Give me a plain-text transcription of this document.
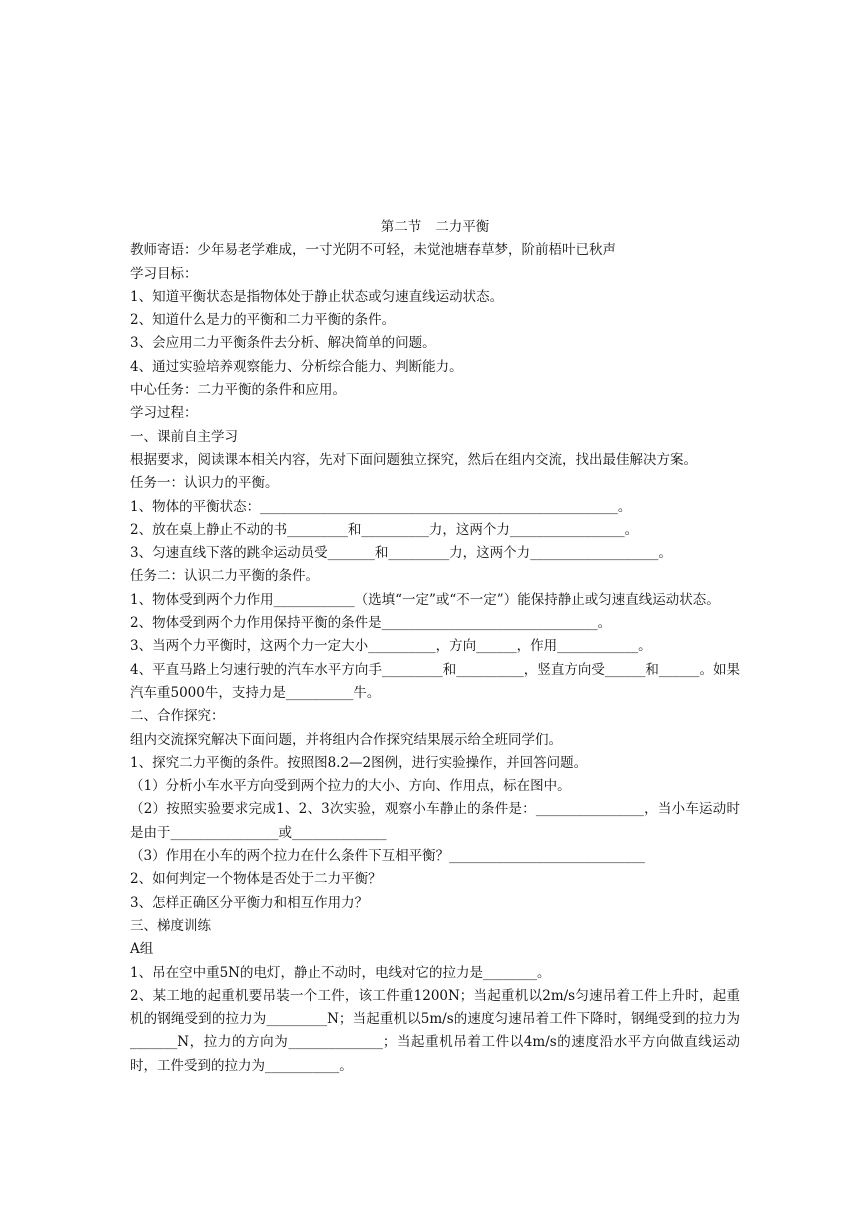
第二节 二力平衡

教师寄语：少年易老学难成，一寸光阴不可轻，未觉池塘春草梦，阶前梧叶已秋声

学习目标：

1、知道平衡状态是指物体处于静止状态或匀速直线运动状态。

2、知道什么是力的平衡和二力平衡的条件。

3、会应用二力平衡条件去分析、解决简单的问题。

4、通过实验培养观察能力、分析综合能力、判断能力。

中心任务：二力平衡的条件和应用。

学习过程：

一、课前自主学习

根据要求，阅读课本相关内容，先对下面问题独立探究，然后在组内交流，找出最佳解决方案。

任务一：认识力的平衡。

1、物体的平衡状态：_____________________________________________________。

2、放在桌上静止不动的书_________和__________力，这两个力_________________。

3、匀速直线下落的跳伞运动员受_______和_________力，这两个力___________________。

任务二：认识二力平衡的条件。

1、物体受到两个力作用____________（选填“一定”或“不一定”）能保持静止或匀速直线运动状态。

2、物体受到两个力作用保持平衡的条件是________________________________。

3、当两个力平衡时，这两个力一定大小__________，方向______，作用____________。

4、平直马路上匀速行驶的汽车水平方向手_________和__________，竖直方向受______和______。如果汽车重5000牛，支持力是__________牛。

二、合作探究：

组内交流探究解决下面问题，并将组内合作探究结果展示给全班同学们。

1、探究二力平衡的条件。按照图8.2—2图例，进行实验操作，并回答问题。

（1）分析小车水平方向受到两个拉力的大小、方向、作用点，标在图中。

（2）按照实验要求完成1、2、3次实验，观察小车静止的条件是：________________，当小车运动时是由于________________或______________

（3）作用在小车的两个拉力在什么条件下互相平衡？_____________________________

2、如何判定一个物体是否处于二力平衡？

3、怎样正确区分平衡力和相互作用力？

三、梯度训练

A组

1、吊在空中重5N的电灯，静止不动时，电线对它的拉力是________。

2、某工地的起重机要吊装一个工件，该工件重1200N；当起重机以2m/s匀速吊着工件上升时，起重机的钢绳受到的拉力为_________N；当起重机以5m/s的速度匀速吊着工件下降时，钢绳受到的拉力为_______N，拉力的方向为______________；当起重机吊着工件以4m/s的速度沿水平方向做直线运动时，工件受到的拉力为___________。
